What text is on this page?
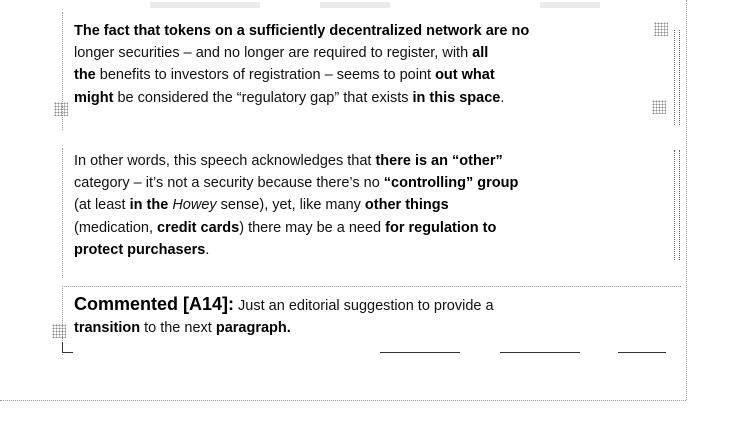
The fact that tokens on a sufficiently decentralized network are no
longer securities – and no longer are required to register, with all
the benefits to investors of registration – seems to point out what
might be considered the “regulatory gap” that exists in this space.

In other words, this speech acknowledges that there is an “other”
category – it’s not a security because there’s no “controlling” group
(at least in the Howey sense), yet, like many other things
(medication, credit cards) there may be a need for regulation to
protect purchasers.

Commented [A14]: Just an editorial suggestion to provide a
transition to the next paragraph.
